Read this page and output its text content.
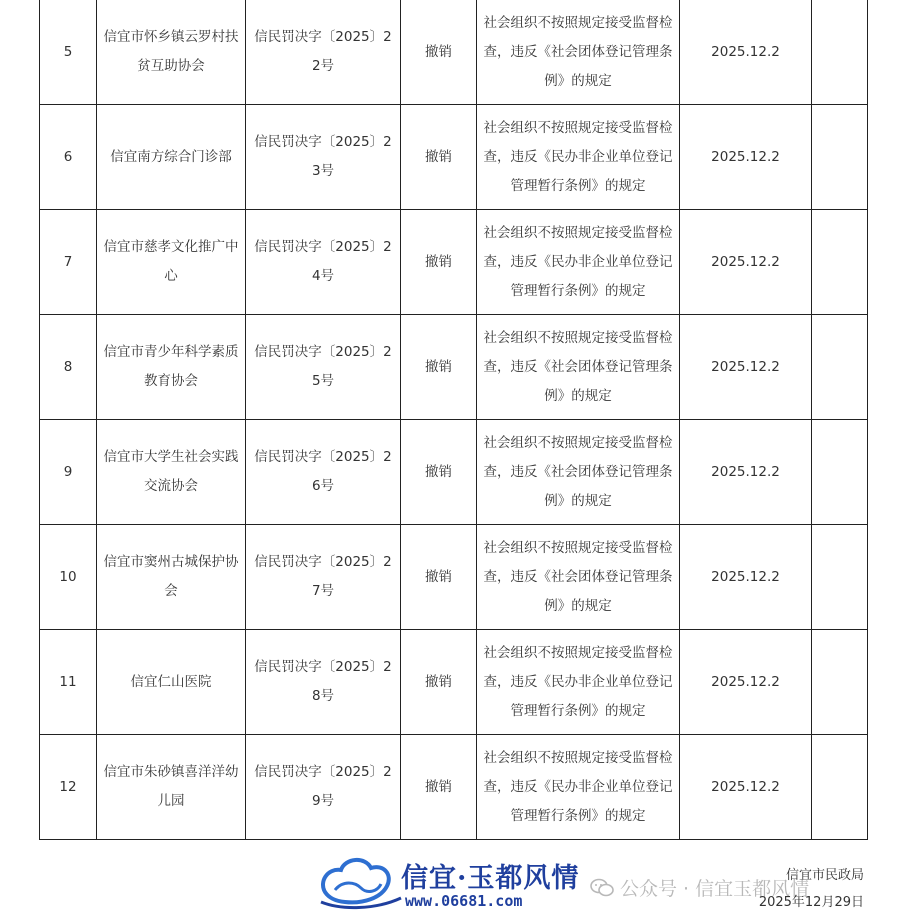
5	信宜市怀乡镇云罗村扶贫互助协会	信民罚决字〔2025〕22号	撤销	社会组织不按照规定接受监督检查，违反《社会团体登记管理条例》的规定	2025.12.2	
6	信宜南方综合门诊部	信民罚决字〔2025〕23号	撤销	社会组织不按照规定接受监督检查，违反《民办非企业单位登记管理暂行条例》的规定	2025.12.2	
7	信宜市慈孝文化推广中心	信民罚决字〔2025〕24号	撤销	社会组织不按照规定接受监督检查，违反《民办非企业单位登记管理暂行条例》的规定	2025.12.2	
8	信宜市青少年科学素质教育协会	信民罚决字〔2025〕25号	撤销	社会组织不按照规定接受监督检查，违反《社会团体登记管理条例》的规定	2025.12.2	
9	信宜市大学生社会实践交流协会	信民罚决字〔2025〕26号	撤销	社会组织不按照规定接受监督检查，违反《社会团体登记管理条例》的规定	2025.12.2	
10	信宜市窦州古城保护协会	信民罚决字〔2025〕27号	撤销	社会组织不按照规定接受监督检查，违反《社会团体登记管理条例》的规定	2025.12.2	
11	信宜仁山医院	信民罚决字〔2025〕28号	撤销	社会组织不按照规定接受监督检查，违反《民办非企业单位登记管理暂行条例》的规定	2025.12.2	
12	信宜市朱砂镇喜洋洋幼儿园	信民罚决字〔2025〕29号	撤销	社会组织不按照规定接受监督检查，违反《民办非企业单位登记管理暂行条例》的规定	2025.12.2	
信宜·玉都风情
www.06681.com
公众号 · 信宜玉都风情
信宜市民政局
2025年12月29日
